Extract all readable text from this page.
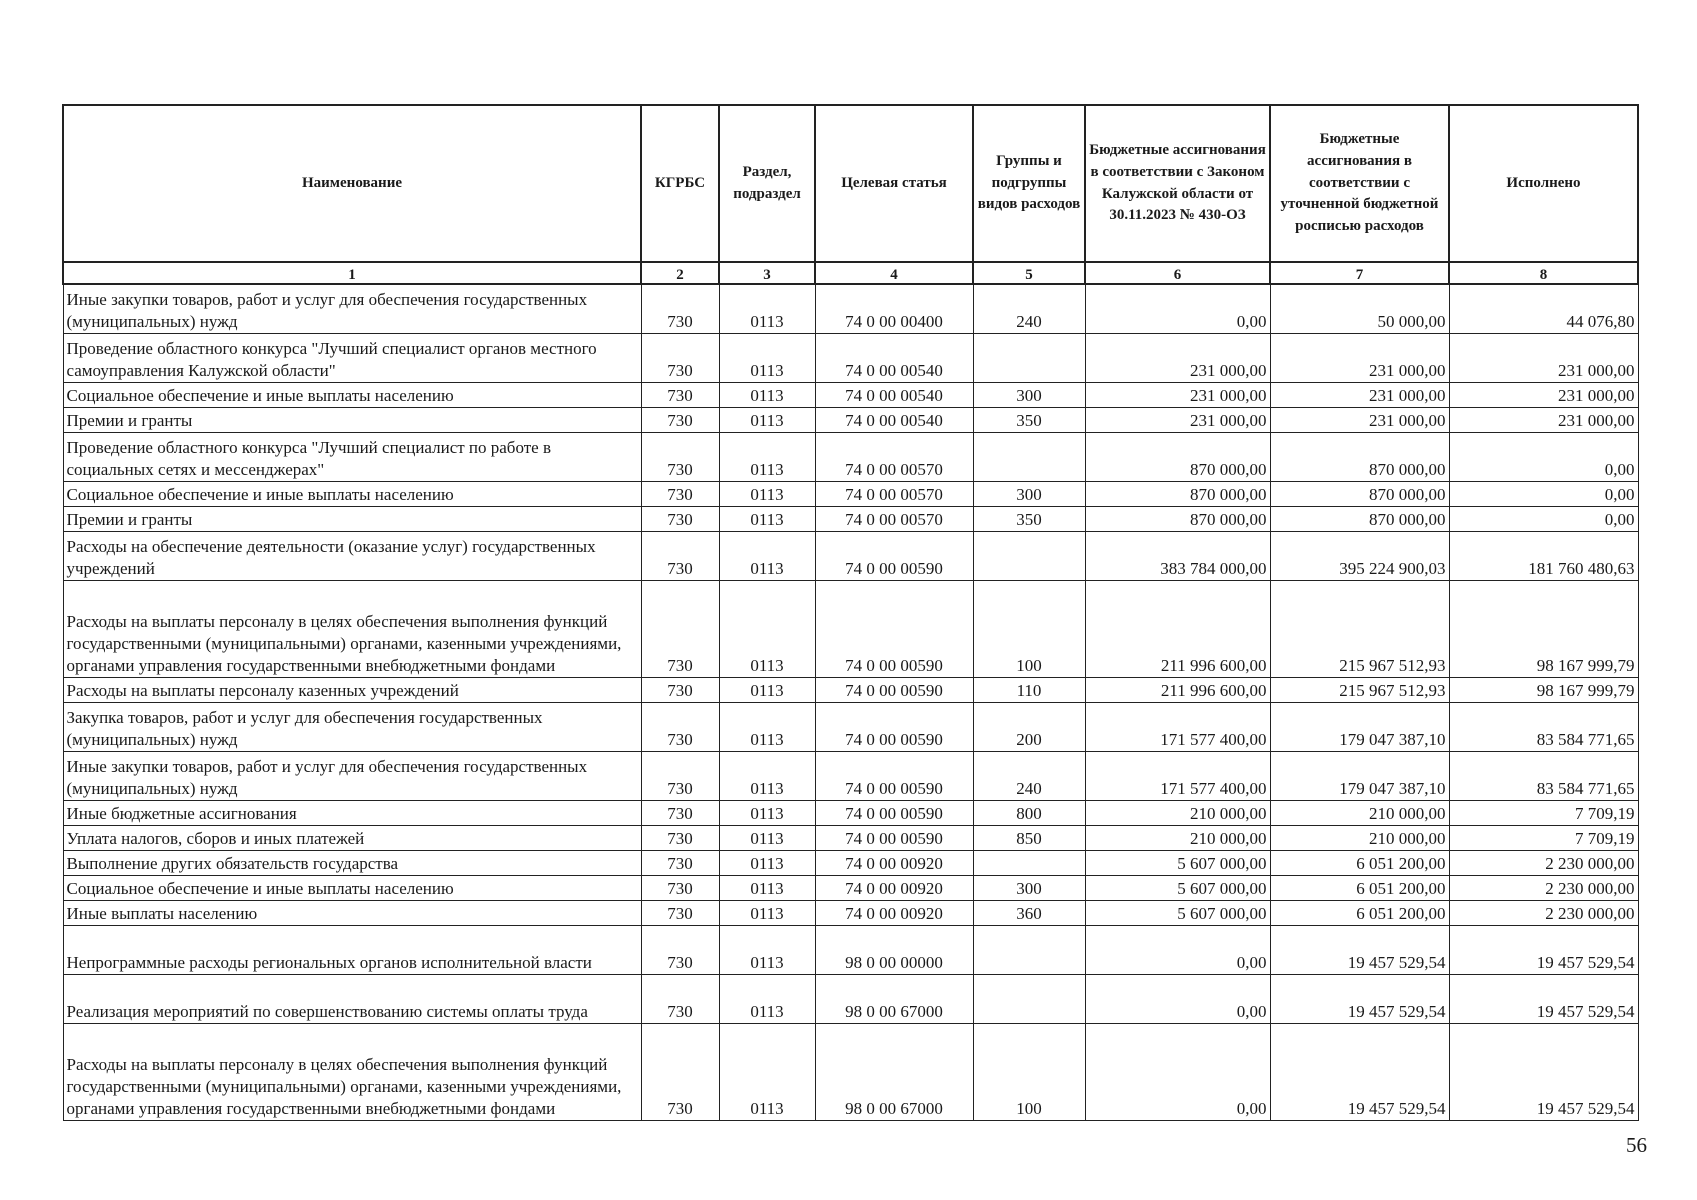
Наименование	КГРБС	Раздел, подраздел	Целевая статья	Группы и подгруппы видов расходов	Бюджетные ассигнования в соответствии с Законом Калужской области от 30.11.2023 № 430-ОЗ	Бюджетные ассигнования в соответствии с уточненной бюджетной росписью расходов	Исполнено
1	2	3	4	5	6	7	8
Иные закупки товаров, работ и услуг для обеспечения государственных (муниципальных) нужд	730	0113	74 0 00 00400	240	0,00	50 000,00	44 076,80
Проведение областного конкурса "Лучший специалист органов местного самоуправления Калужской области"	730	0113	74 0 00 00540		231 000,00	231 000,00	231 000,00
Социальное обеспечение и иные выплаты населению	730	0113	74 0 00 00540	300	231 000,00	231 000,00	231 000,00
Премии и гранты	730	0113	74 0 00 00540	350	231 000,00	231 000,00	231 000,00
Проведение областного конкурса "Лучший специалист по работе в социальных сетях и мессенджерах"	730	0113	74 0 00 00570		870 000,00	870 000,00	0,00
Социальное обеспечение и иные выплаты населению	730	0113	74 0 00 00570	300	870 000,00	870 000,00	0,00
Премии и гранты	730	0113	74 0 00 00570	350	870 000,00	870 000,00	0,00
Расходы на обеспечение деятельности (оказание услуг) государственных учреждений	730	0113	74 0 00 00590		383 784 000,00	395 224 900,03	181 760 480,63
Расходы на выплаты персоналу в целях обеспечения выполнения функций государственными (муниципальными) органами, казенными учреждениями, органами управления государственными внебюджетными фондами	730	0113	74 0 00 00590	100	211 996 600,00	215 967 512,93	98 167 999,79
Расходы на выплаты персоналу казенных учреждений	730	0113	74 0 00 00590	110	211 996 600,00	215 967 512,93	98 167 999,79
Закупка товаров, работ и услуг для обеспечения государственных (муниципальных) нужд	730	0113	74 0 00 00590	200	171 577 400,00	179 047 387,10	83 584 771,65
Иные закупки товаров, работ и услуг для обеспечения государственных (муниципальных) нужд	730	0113	74 0 00 00590	240	171 577 400,00	179 047 387,10	83 584 771,65
Иные бюджетные ассигнования	730	0113	74 0 00 00590	800	210 000,00	210 000,00	7 709,19
Уплата налогов, сборов и иных платежей	730	0113	74 0 00 00590	850	210 000,00	210 000,00	7 709,19
Выполнение других обязательств государства	730	0113	74 0 00 00920		5 607 000,00	6 051 200,00	2 230 000,00
Социальное обеспечение и иные выплаты населению	730	0113	74 0 00 00920	300	5 607 000,00	6 051 200,00	2 230 000,00
Иные выплаты населению	730	0113	74 0 00 00920	360	5 607 000,00	6 051 200,00	2 230 000,00
Непрограммные расходы региональных органов исполнительной власти	730	0113	98 0 00 00000		0,00	19 457 529,54	19 457 529,54
Реализация мероприятий по совершенствованию системы оплаты труда	730	0113	98 0 00 67000		0,00	19 457 529,54	19 457 529,54
Расходы на выплаты персоналу в целях обеспечения выполнения функций государственными (муниципальными) органами, казенными учреждениями, органами управления государственными внебюджетными фондами	730	0113	98 0 00 67000	100	0,00	19 457 529,54	19 457 529,54
56
